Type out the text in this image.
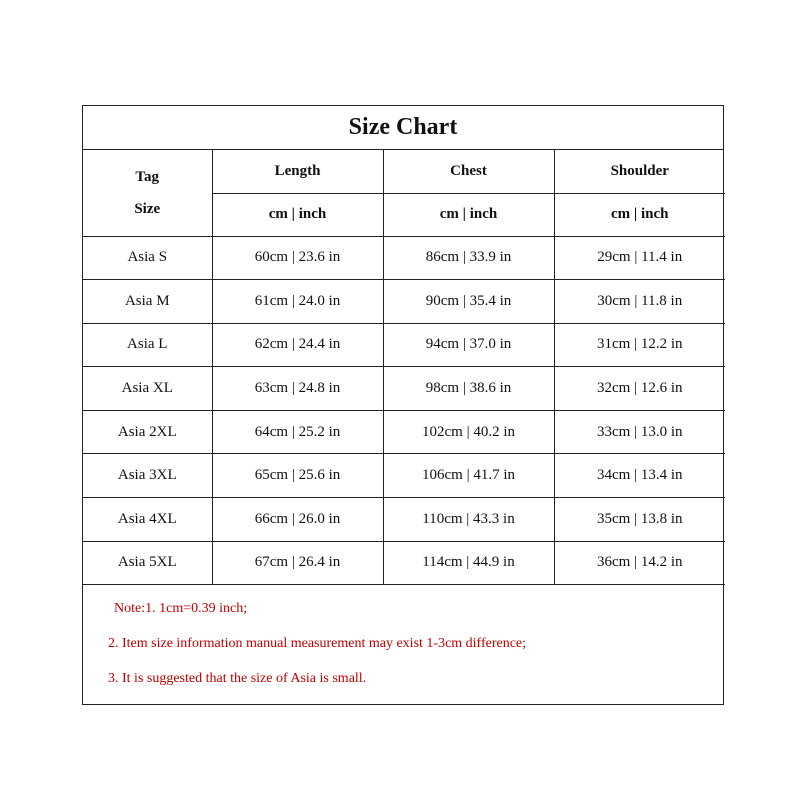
Size Chart
Tag
Size	Length	Chest	Shoulder
	cm | inch	cm | inch	cm | inch
Asia S	60cm | 23.6 in	86cm | 33.9 in	29cm | 11.4 in
Asia M	61cm | 24.0 in	90cm | 35.4 in	30cm | 11.8 in
Asia L	62cm | 24.4 in	94cm | 37.0 in	31cm | 12.2 in
Asia XL	63cm | 24.8 in	98cm | 38.6 in	32cm | 12.6 in
Asia 2XL	64cm | 25.2 in	102cm | 40.2 in	33cm | 13.0 in
Asia 3XL	65cm | 25.6 in	106cm | 41.7 in	34cm | 13.4 in
Asia 4XL	66cm | 26.0 in	110cm | 43.3 in	35cm | 13.8 in
Asia 5XL	67cm | 26.4 in	114cm | 44.9 in	36cm | 14.2 in
Note:1. 1cm=0.39 inch;
2. Item size information manual measurement may exist 1-3cm difference;
3. It is suggested that the size of Asia is small.
